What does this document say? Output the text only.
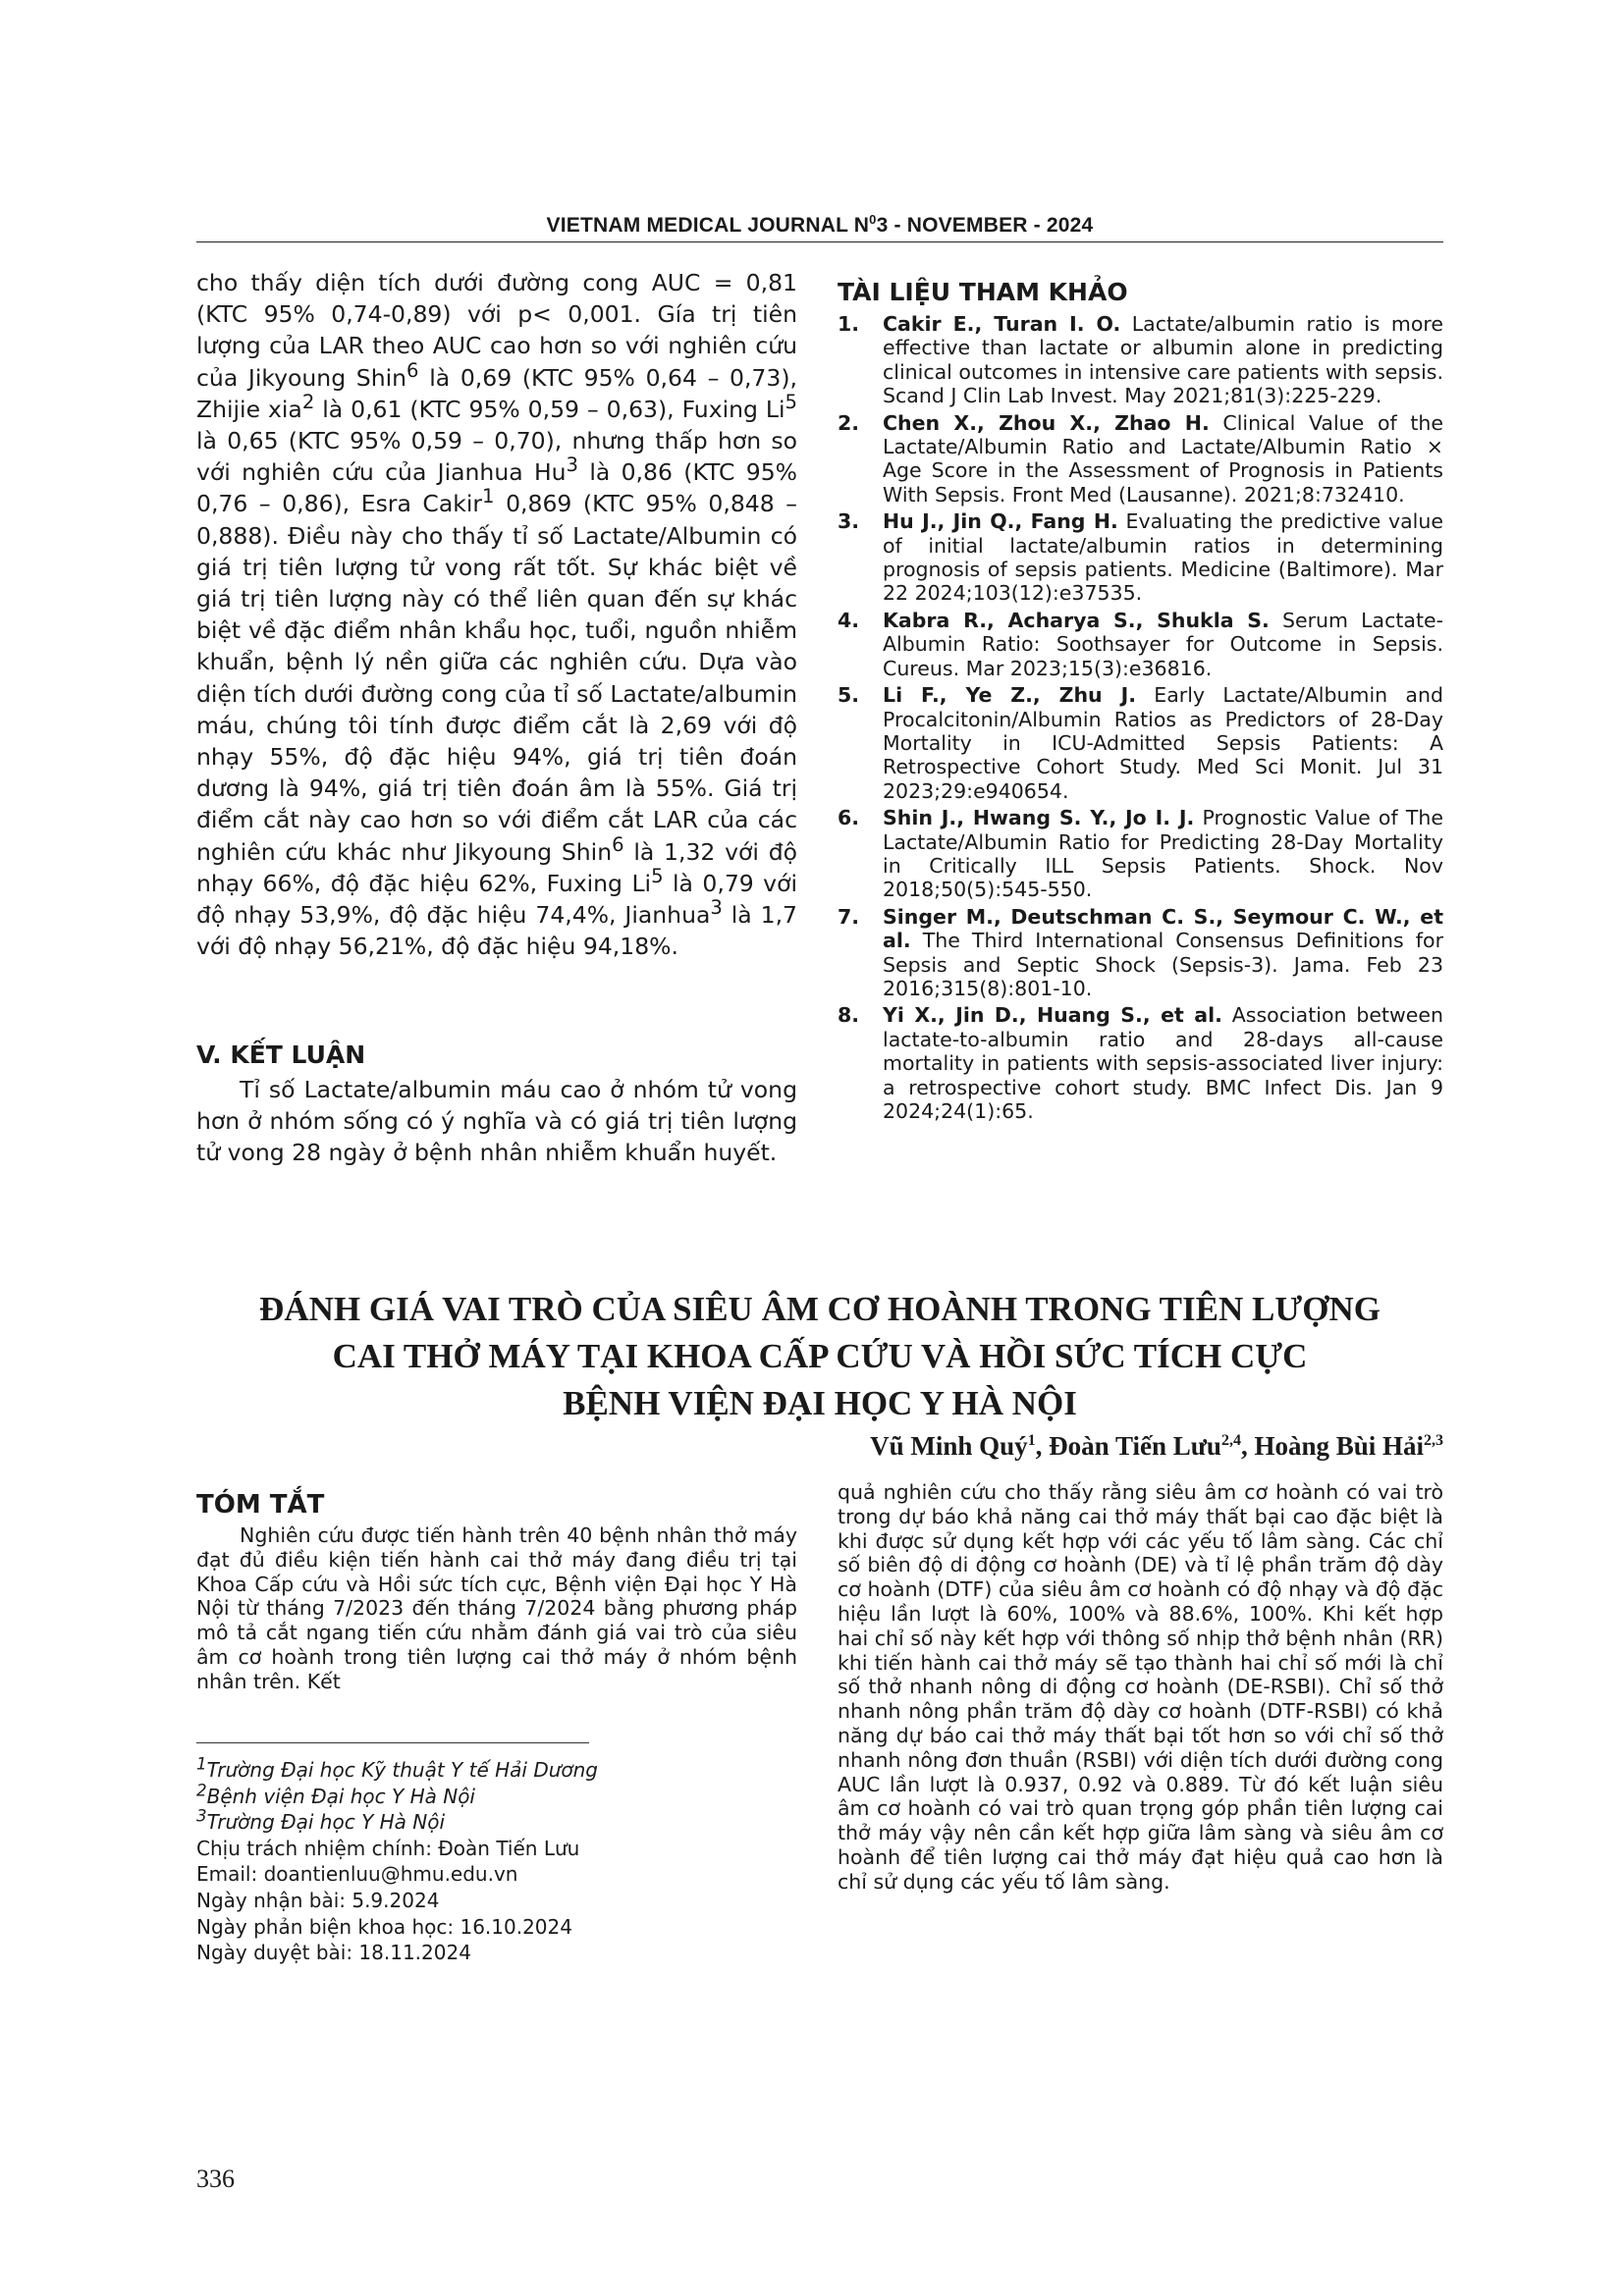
VIETNAM MEDICAL JOURNAL $N^03$ - NOVEMBER - 2024

cho thấy diện tích dưới đường cong AUC = 0,81 (KTC 95% 0,74-0,89) với p< 0,001. Gía trị tiên lượng của LAR theo AUC cao hơn so với nghiên cứu của Jikyoung Shin$^6$ là 0,69 (KTC 95% 0,64 – 0,73), Zhijie xia$^2$ là 0,61 (KTC 95% 0,59 – 0,63), Fuxing Li$^5$ là 0,65 (KTC 95% 0,59 – 0,70), nhưng thấp hơn so với nghiên cứu của Jianhua Hu$^3$ là 0,86 (KTC 95% 0,76 – 0,86), Esra Cakir$^1$ 0,869 (KTC 95% 0,848 – 0,888). Điều này cho thấy tỉ số Lactate/Albumin có giá trị tiên lượng tử vong rất tốt. Sự khác biệt về giá trị tiên lượng này có thể liên quan đến sự khác biệt về đặc điểm nhân khẩu học, tuổi, nguồn nhiễm khuẩn, bệnh lý nền giữa các nghiên cứu. Dựa vào diện tích dưới đường cong của tỉ số Lactate/albumin máu, chúng tôi tính được điểm cắt là 2,69 với độ nhạy 55%, độ đặc hiệu 94%, giá trị tiên đoán dương là 94%, giá trị tiên đoán âm là 55%. Giá trị điểm cắt này cao hơn so với điểm cắt LAR của các nghiên cứu khác như Jikyoung Shin$^6$ là 1,32 với độ nhạy 66%, độ đặc hiệu 62%, Fuxing Li$^5$ là 0,79 với độ nhạy 53,9%, độ đặc hiệu 74,4%, Jianhua$^3$ là 1,7 với độ nhạy 56,21%, độ đặc hiệu 94,18%.

V. KẾT LUẬN

Tỉ số Lactate/albumin máu cao ở nhóm tử vong hơn ở nhóm sống có ý nghĩa và có giá trị tiên lượng tử vong 28 ngày ở bệnh nhân nhiễm khuẩn huyết.

TÀI LIỆU THAM KHẢO
1.	Cakir E., Turan I. O. Lactate/albumin ratio is more effective than lactate or albumin alone in predicting clinical outcomes in intensive care patients with sepsis. Scand J Clin Lab Invest. May 2021;81(3):225-229.
2.	Chen X., Zhou X., Zhao H. Clinical Value of the Lactate/Albumin Ratio and Lactate/Albumin Ratio × Age Score in the Assessment of Prognosis in Patients With Sepsis. Front Med (Lausanne). 2021;8:732410.
3.	Hu J., Jin Q., Fang H. Evaluating the predictive value of initial lactate/albumin ratios in determining prognosis of sepsis patients. Medicine (Baltimore). Mar 22 2024;103(12):e37535.
4.	Kabra R., Acharya S., Shukla S. Serum Lactate-Albumin Ratio: Soothsayer for Outcome in Sepsis. Cureus. Mar 2023;15(3):e36816.
5.	Li F., Ye Z., Zhu J. Early Lactate/Albumin and Procalcitonin/Albumin Ratios as Predictors of 28-Day Mortality in ICU-Admitted Sepsis Patients: A Retrospective Cohort Study. Med Sci Monit. Jul 31 2023;29:e940654.
6.	Shin J., Hwang S. Y., Jo I. J. Prognostic Value of The Lactate/Albumin Ratio for Predicting 28-Day Mortality in Critically ILL Sepsis Patients. Shock. Nov 2018;50(5):545-550.
7.	Singer M., Deutschman C. S., Seymour C. W., et al. The Third International Consensus Definitions for Sepsis and Septic Shock (Sepsis-3). Jama. Feb 23 2016;315(8):801-10.
8.	Yi X., Jin D., Huang S., et al. Association between lactate-to-albumin ratio and 28-days all-cause mortality in patients with sepsis-associated liver injury: a retrospective cohort study. BMC Infect Dis. Jan 9 2024;24(1):65.
ĐÁNH GIÁ VAI TRÒ CỦA SIÊU ÂM CƠ HOÀNH TRONG TIÊN LƯỢNG
CAI THỞ MÁY TẠI KHOA CẤP CỨU VÀ HỒI SỨC TÍCH CỰC
BỆNH VIỆN ĐẠI HỌC Y HÀ NỘI
Vũ Minh Quý$^1$, Đoàn Tiến Lưu$^{2,4}$, Hoàng Bùi Hải$^{2,3}$
TÓM TẮT

Nghiên cứu được tiến hành trên 40 bệnh nhân thở máy đạt đủ điều kiện tiến hành cai thở máy đang điều trị tại Khoa Cấp cứu và Hồi sức tích cực, Bệnh viện Đại học Y Hà Nội từ tháng 7/2023 đến tháng 7/2024 bằng phương pháp mô tả cắt ngang tiến cứu nhằm đánh giá vai trò của siêu âm cơ hoành trong tiên lượng cai thở máy ở nhóm bệnh nhân trên. Kết

quả nghiên cứu cho thấy rằng siêu âm cơ hoành có vai trò trong dự báo khả năng cai thở máy thất bại cao đặc biệt là khi được sử dụng kết hợp với các yếu tố lâm sàng. Các chỉ số biên độ di động cơ hoành (DE) và tỉ lệ phần trăm độ dày cơ hoành (DTF) của siêu âm cơ hoành có độ nhạy và độ đặc hiệu lần lượt là 60%, 100% và 88.6%, 100%. Khi kết hợp hai chỉ số này kết hợp với thông số nhịp thở bệnh nhân (RR) khi tiến hành cai thở máy sẽ tạo thành hai chỉ số mới là chỉ số thở nhanh nông di động cơ hoành (DE-RSBI). Chỉ số thở nhanh nông phần trăm độ dày cơ hoành (DTF-RSBI) có khả năng dự báo cai thở máy thất bại tốt hơn so với chỉ số thở nhanh nông đơn thuần (RSBI) với diện tích dưới đường cong AUC lần lượt là 0.937, 0.92 và 0.889. Từ đó kết luận siêu âm cơ hoành có vai trò quan trọng góp phần tiên lượng cai thở máy vậy nên cần kết hợp giữa lâm sàng và siêu âm cơ hoành để tiên lượng cai thở máy đạt hiệu quả cao hơn là chỉ sử dụng các yếu tố lâm sàng.

$^1$Trường Đại học Kỹ thuật Y tế Hải Dương

$^2$Bệnh viện Đại học Y Hà Nội

$^3$Trường Đại học Y Hà Nội

Chịu trách nhiệm chính: Đoàn Tiến Lưu

Email: doantienluu@hmu.edu.vn

Ngày nhận bài: 5.9.2024

Ngày phản biện khoa học: 16.10.2024

Ngày duyệt bài: 18.11.2024

336
